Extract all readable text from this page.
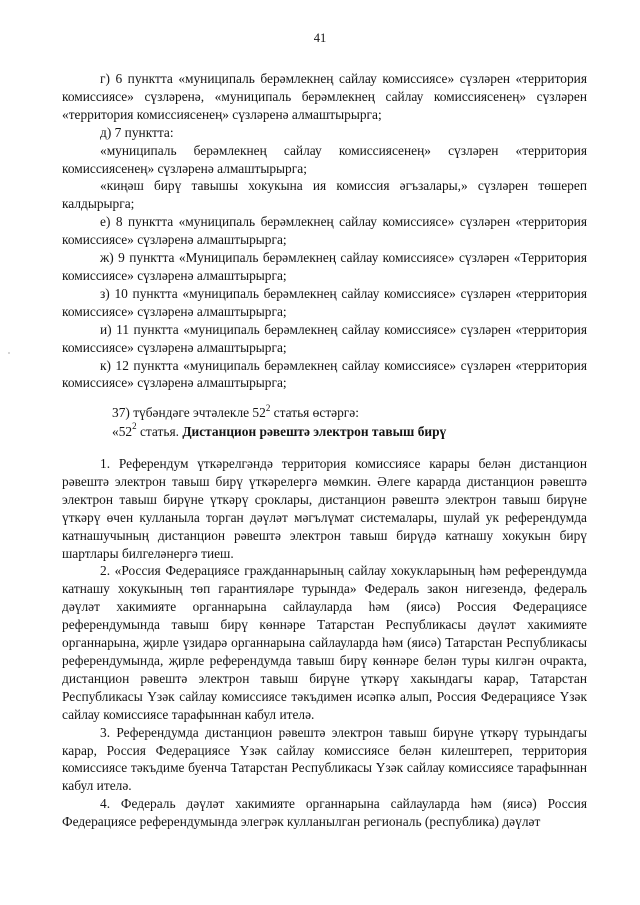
41

г) 6 пунктта «муниципаль берәмлекнең сайлау комиссиясе» сүзләрен «территория комиссиясе» сүзләренә, «муниципаль берәмлекнең сайлау комиссиясенең» сүзләрен «территория комиссиясенең» сүзләренә алмаштырырга;

д) 7 пунктта:

«муниципаль берәмлекнең сайлау комиссиясенең» сүзләрен «территория комиссиясенең» сүзләренә алмаштырырга;

«киңәш бирү тавышы хокукына ия комиссия әгъзалары,» сүзләрен төшереп калдырырга;

е) 8 пунктта «муниципаль берәмлекнең сайлау комиссиясе» сүзләрен «территория комиссиясе» сүзләренә алмаштырырга;

ж) 9 пунктта «Муниципаль берәмлекнең сайлау комиссиясе» сүзләрен «Территория комиссиясе» сүзләренә алмаштырырга;

з) 10 пунктта «муниципаль берәмлекнең сайлау комиссиясе» сүзләрен «территория комиссиясе» сүзләренә алмаштырырга;

и) 11 пунктта «муниципаль берәмлекнең сайлау комиссиясе» сүзләрен «территория комиссиясе» сүзләренә алмаштырырга;

к) 12 пунктта «муниципаль берәмлекнең сайлау комиссиясе» сүзләрен «территория комиссиясе» сүзләренә алмаштырырга;

37) түбәндәге эчтәлекле $52^2$ статья өстәргә:

«$52^2$ статья. Дистанцион рәвештә электрон тавыш бирү

1. Референдум үткәрелгәндә территория комиссиясе карары белән дистанцион рәвештә электрон тавыш бирү үткәрелергә мөмкин. Әлеге карарда дистанцион рәвештә электрон тавыш бирүне үткәрү сроклары, дистанцион рәвештә электрон тавыш бирүне үткәрү өчен кулланыла торган дәүләт мәгълүмат системалары, шулай ук референдумда катнашучының дистанцион рәвештә электрон тавыш бирүдә катнашу хокукын бирү шартлары билгеләнергә тиеш.

2. «Россия Федерациясе гражданнарының сайлау хокукларының һәм референдумда катнашу хокукының төп гарантияләре турында» Федераль закон нигезендә, федераль дәүләт хакимияте органнарына сайлауларда һәм (яисә) Россия Федерациясе референдумында тавыш бирү көннәре Татарстан Республикасы дәүләт хакимияте органнарына, җирле үзидарә органнарына сайлауларда һәм (яисә) Татарстан Республикасы референдумында, җирле референдумда тавыш бирү көннәре белән туры килгән очракта, дистанцион рәвештә электрон тавыш бирүне үткәрү хакындагы карар, Татарстан Республикасы Үзәк сайлау комиссиясе тәкъдимен исәпкә алып, Россия Федерациясе Үзәк сайлау комиссиясе тарафыннан кабул ителә.

3. Референдумда дистанцион рәвештә электрон тавыш бирүне үткәрү турындагы карар, Россия Федерациясе Үзәк сайлау комиссиясе белән килештереп, территория комиссиясе тәкъдиме буенча Татарстан Республикасы Үзәк сайлау комиссиясе тарафыннан кабул ителә.

4. Федераль дәүләт хакимияте органнарына сайлауларда һәм (яисә) Россия Федерациясе референдумында элегрәк кулланылган региональ (республика) дәүләт
